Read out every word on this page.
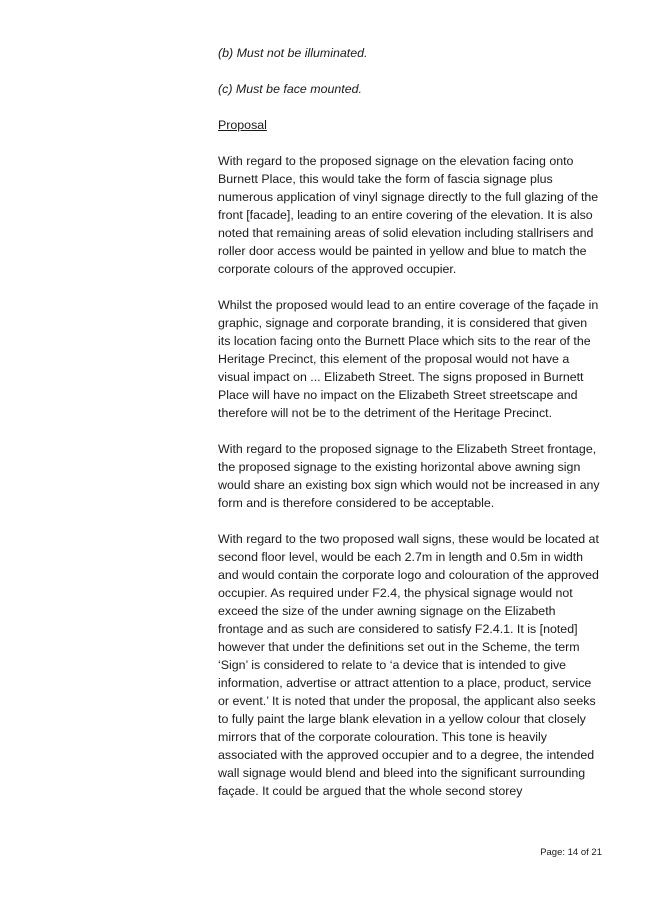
(b) Must not be illuminated.

(c) Must be face mounted.

Proposal

With regard to the proposed signage on the elevation facing onto Burnett Place, this would take the form of fascia signage plus numerous application of vinyl signage directly to the full glazing of the front [facade], leading to an entire covering of the elevation. It is also noted that remaining areas of solid elevation including stallrisers and roller door access would be painted in yellow and blue to match the corporate colours of the approved occupier.

Whilst the proposed would lead to an entire coverage of the façade in graphic, signage and corporate branding, it is considered that given its location facing onto the Burnett Place which sits to the rear of the Heritage Precinct, this element of the proposal would not have a visual impact on ... Elizabeth Street. The signs proposed in Burnett Place will have no impact on the Elizabeth Street streetscape and therefore will not be to the detriment of the Heritage Precinct.

With regard to the proposed signage to the Elizabeth Street frontage, the proposed signage to the existing horizontal above awning sign would share an existing box sign which would not be increased in any form and is therefore considered to be acceptable.

With regard to the two proposed wall signs, these would be located at second floor level, would be each 2.7m in length and 0.5m in width and would contain the corporate logo and colouration of the approved occupier. As required under F2.4, the physical signage would not exceed the size of the under awning signage on the Elizabeth frontage and as such are considered to satisfy F2.4.1. It is [noted] however that under the definitions set out in the Scheme, the term ‘Sign’ is considered to relate to ‘a device that is intended to give information, advertise or attract attention to a place, product, service or event.’ It is noted that under the proposal, the applicant also seeks to fully paint the large blank elevation in a yellow colour that closely mirrors that of the corporate colouration. This tone is heavily associated with the approved occupier and to a degree, the intended wall signage would blend and bleed into the significant surrounding façade. It could be argued that the whole second storey

Page: 14 of 21
